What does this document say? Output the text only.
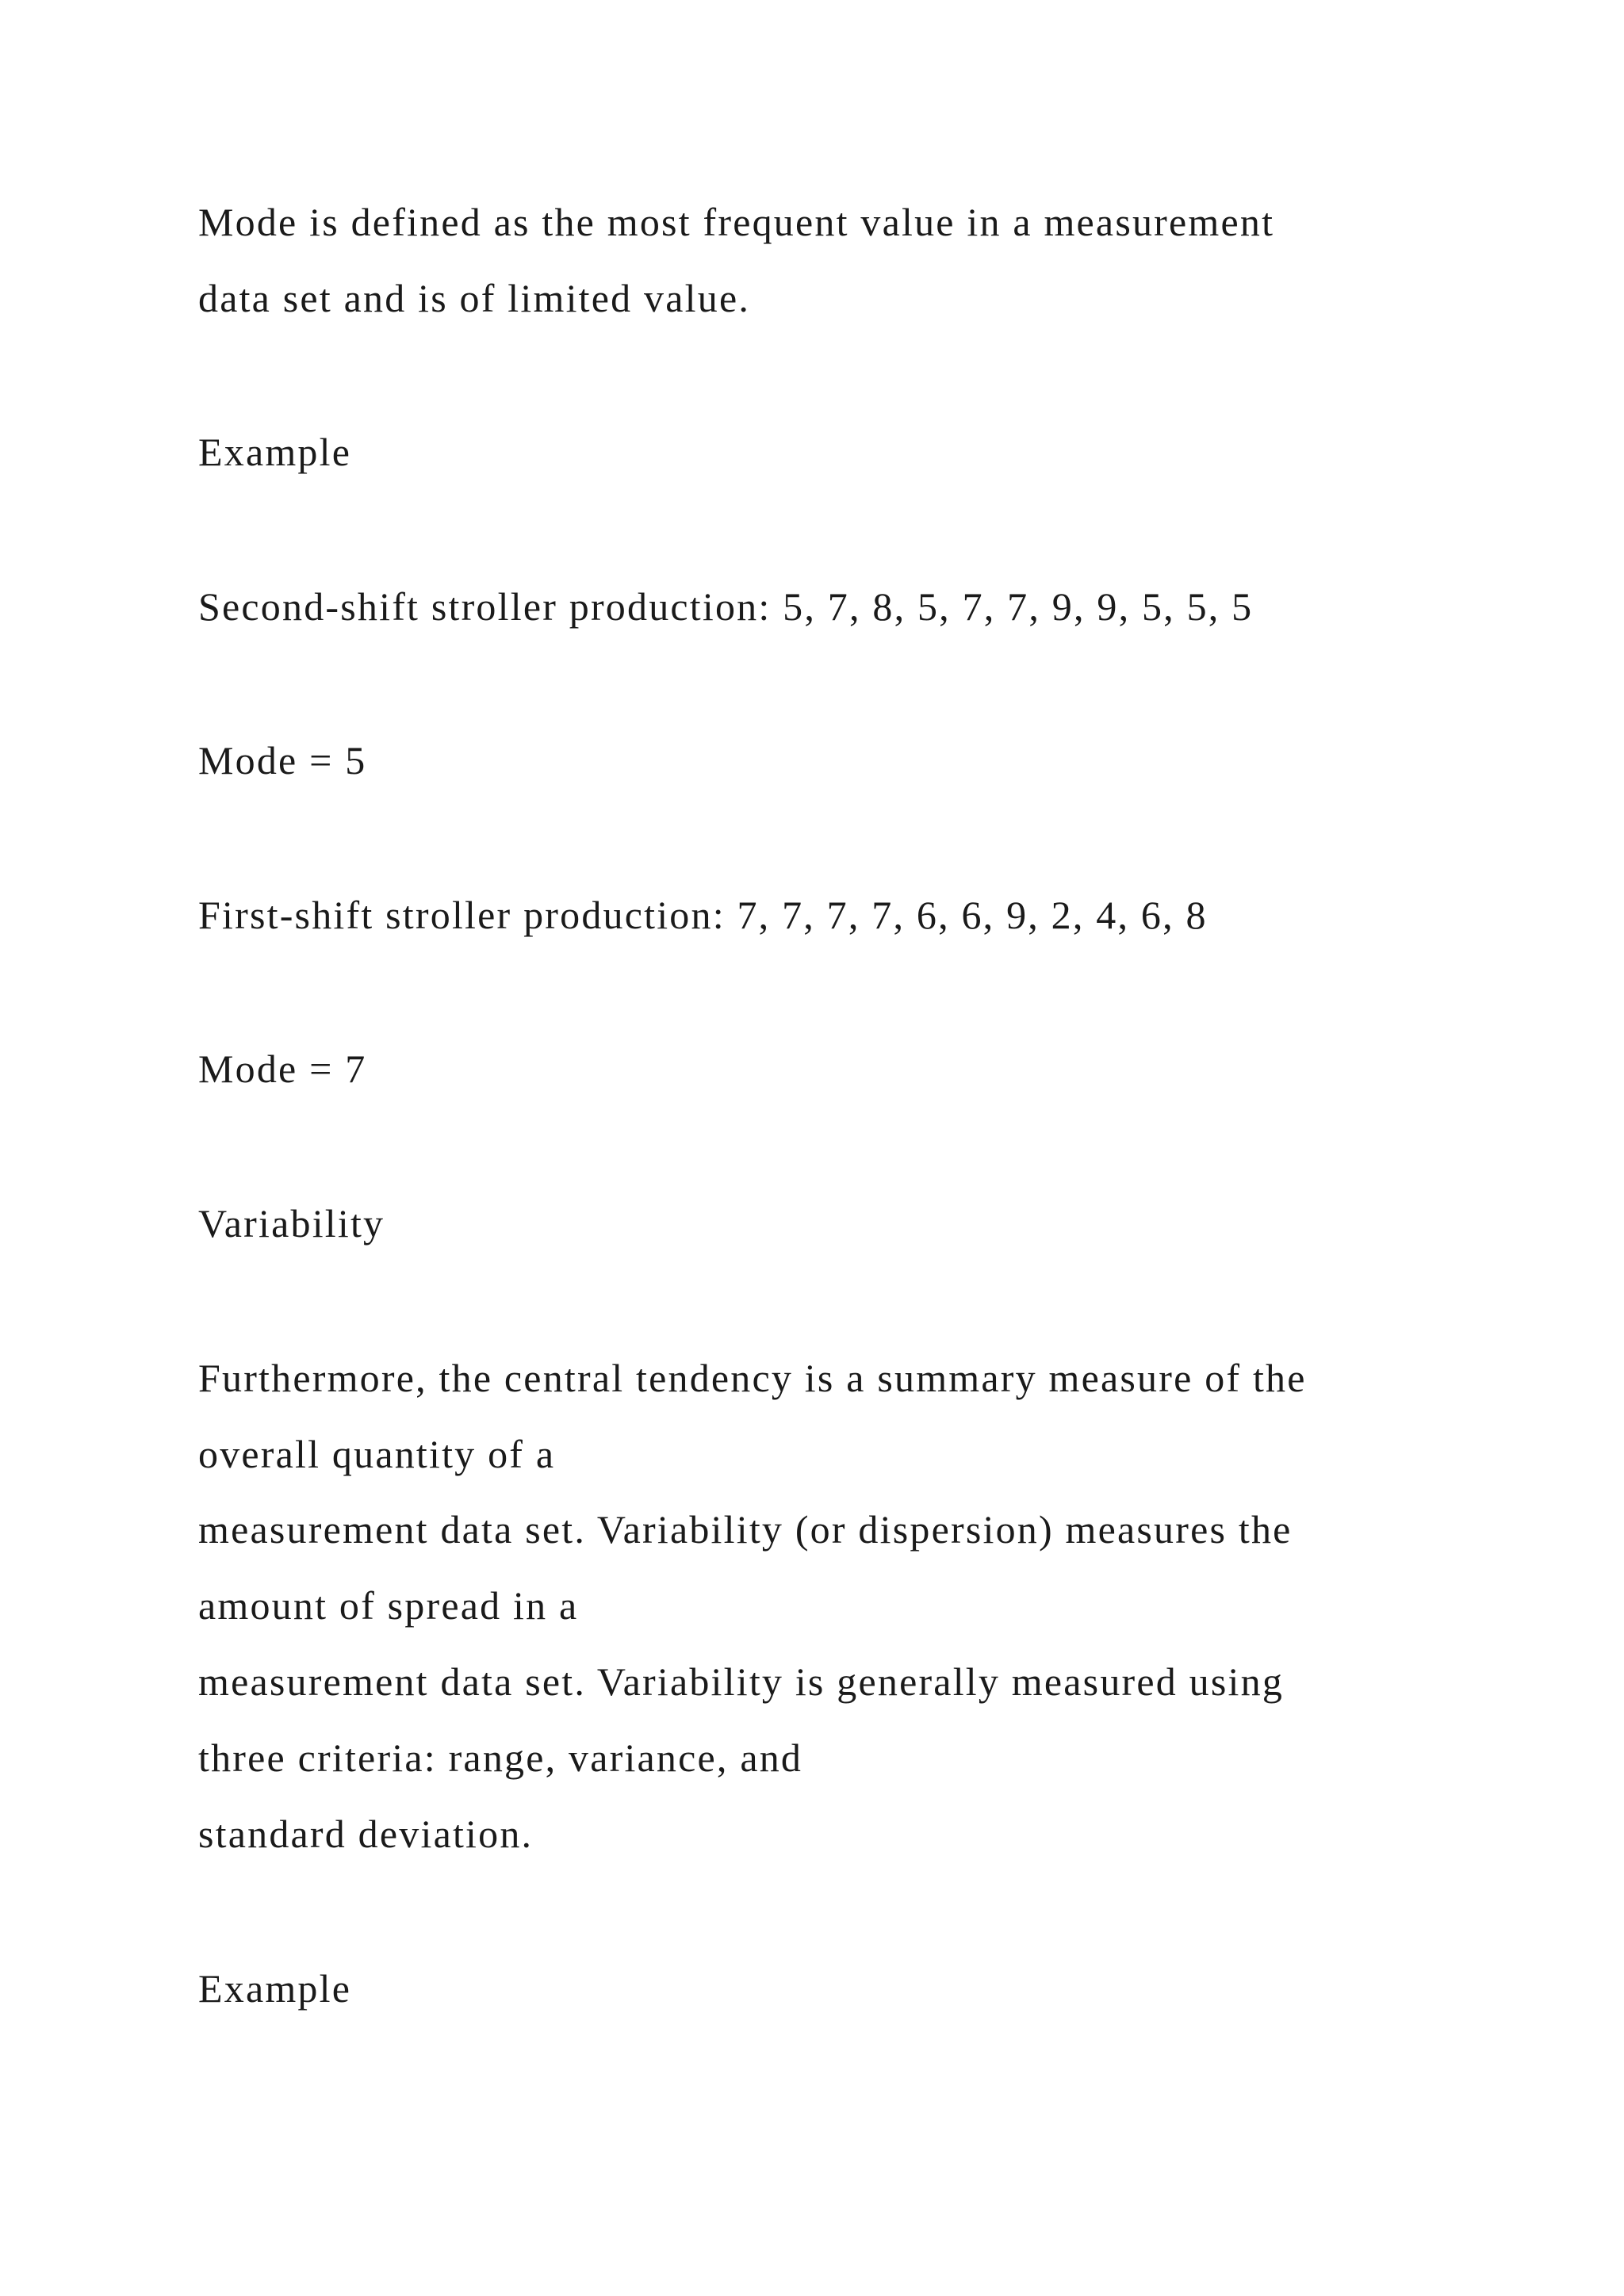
Mode is defined as the most frequent value in a measurement
data set and is of limited value.
Example
Second-shift stroller production: 5, 7, 8, 5, 7, 7, 9, 9, 5, 5, 5
Mode = 5
First-shift stroller production: 7, 7, 7, 7, 6, 6, 9, 2, 4, 6, 8
Mode = 7
Variability
Furthermore, the central tendency is a summary measure of the
overall quantity of a
measurement data set. Variability (or dispersion) measures the
amount of spread in a
measurement data set. Variability is generally measured using
three criteria: range, variance, and
standard deviation.
Example
